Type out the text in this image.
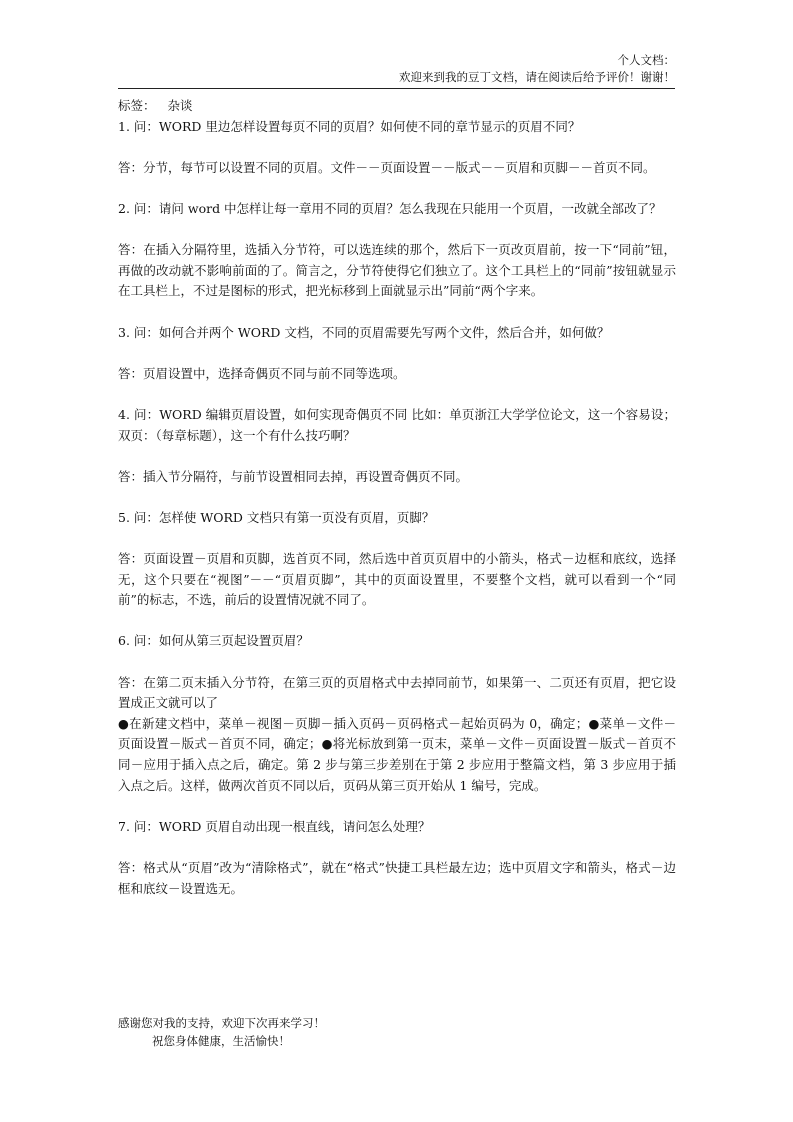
个人文档：
欢迎来到我的豆丁文档，请在阅读后给予评价！谢谢！

标签： 杂谈

1. 问：WORD 里边怎样设置每页不同的页眉？如何使不同的章节显示的页眉不同？

答：分节，每节可以设置不同的页眉。文件－－页面设置－－版式－－页眉和页脚－－首页不同。

2. 问：请问 word 中怎样让每一章用不同的页眉？怎么我现在只能用一个页眉，一改就全部改了？

答：在插入分隔符里，选插入分节符，可以选连续的那个，然后下一页改页眉前，按一下“同前”钮，再做的改动就不影响前面的了。简言之，分节符使得它们独立了。这个工具栏上的“同前”按钮就显示在工具栏上，不过是图标的形式，把光标移到上面就显示出”同前“两个字来。

3. 问：如何合并两个 WORD 文档，不同的页眉需要先写两个文件，然后合并，如何做？

答：页眉设置中，选择奇偶页不同与前不同等选项。

4. 问：WORD 编辑页眉设置，如何实现奇偶页不同 比如：单页浙江大学学位论文，这一个容易设；双页：（每章标题），这一个有什么技巧啊？

答：插入节分隔符，与前节设置相同去掉，再设置奇偶页不同。

5. 问：怎样使 WORD 文档只有第一页没有页眉，页脚？

答：页面设置－页眉和页脚，选首页不同，然后选中首页页眉中的小箭头，格式－边框和底纹，选择无，这个只要在“视图”－－“页眉页脚”，其中的页面设置里，不要整个文档，就可以看到一个“同前”的标志，不选，前后的设置情况就不同了。

6. 问：如何从第三页起设置页眉？

答：在第二页末插入分节符，在第三页的页眉格式中去掉同前节，如果第一、二页还有页眉，把它设置成正文就可以了

●在新建文档中，菜单－视图－页脚－插入页码－页码格式－起始页码为 0，确定；●菜单－文件－页面设置－版式－首页不同，确定；●将光标放到第一页末，菜单－文件－页面设置－版式－首页不同－应用于插入点之后，确定。第 2 步与第三步差别在于第 2 步应用于整篇文档，第 3 步应用于插入点之后。这样，做两次首页不同以后，页码从第三页开始从 1 编号，完成。

7. 问：WORD 页眉自动出现一根直线，请问怎么处理？

答：格式从“页眉”改为“清除格式”，就在“格式”快捷工具栏最左边；选中页眉文字和箭头，格式－边框和底纹－设置选无。

感谢您对我的支持，欢迎下次再来学习！
祝您身体健康，生活愉快！
